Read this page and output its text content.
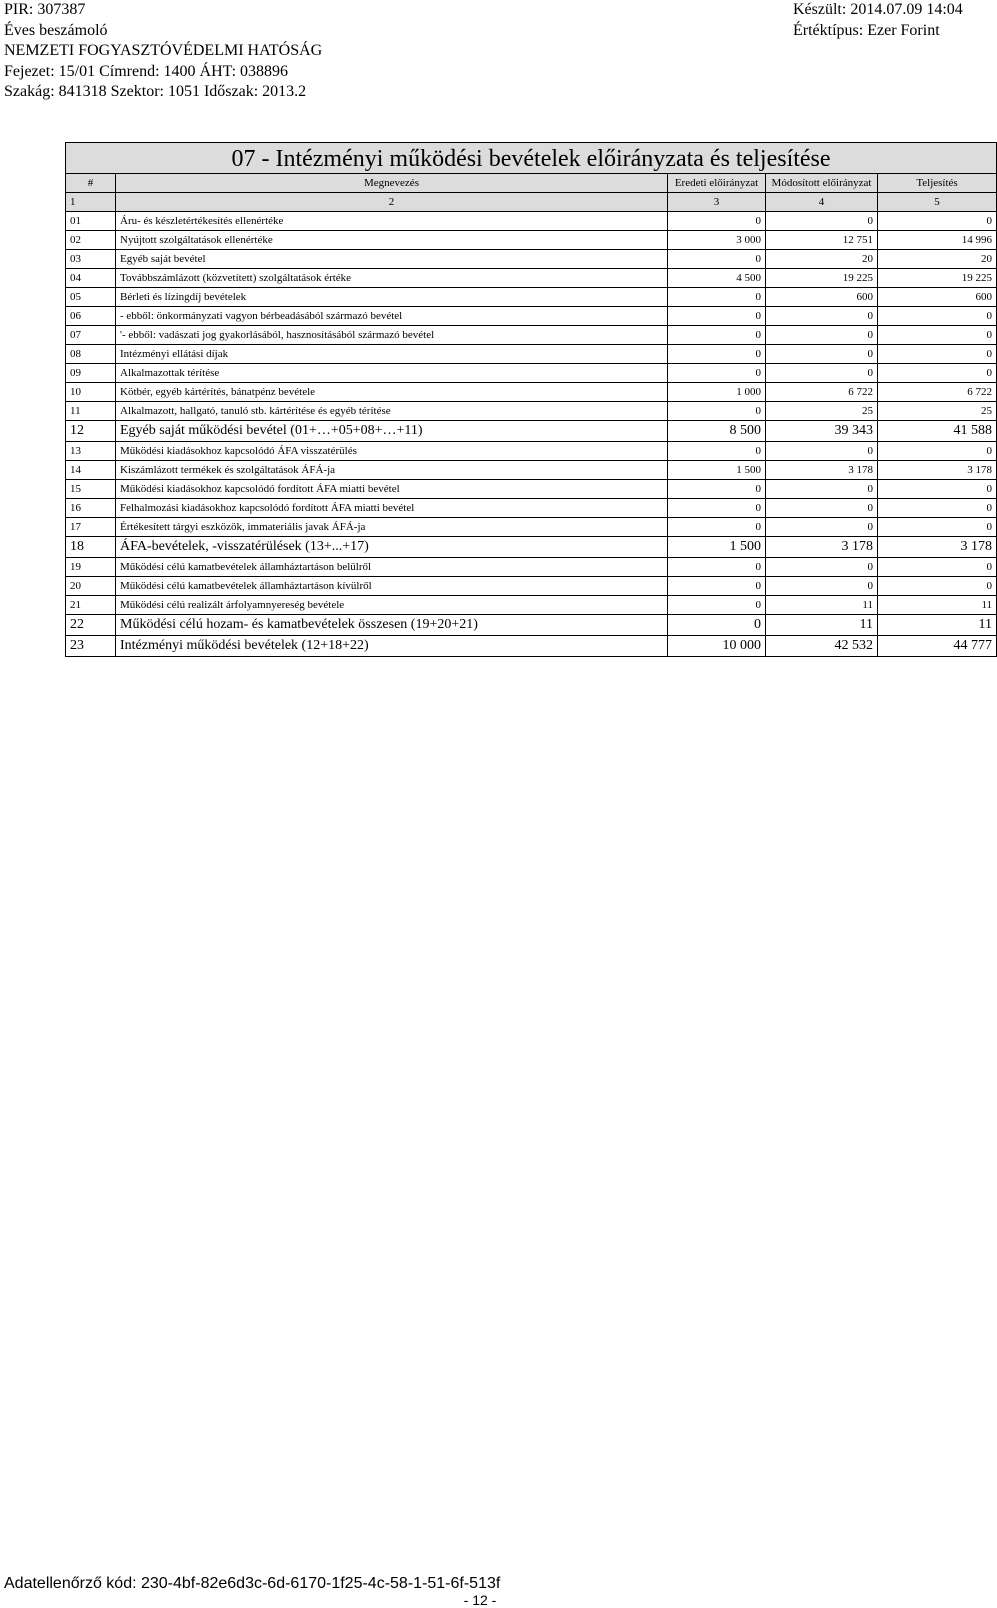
PIR: 307387
Éves beszámoló
NEMZETI FOGYASZTÓVÉDELMI HATÓSÁG
Fejezet: 15/01 Címrend: 1400 ÁHT: 038896
Szakág: 841318 Szektor: 1051 Időszak: 2013.2
Készült: 2014.07.09 14:04
Értéktípus: Ezer Forint
07 - Intézményi működési bevételek előirányzata és teljesítése				
#	Megnevezés	Eredeti előirányzat	Módosított előirányzat	Teljesítés
1	2	3	4	5
01	Áru- és készletértékesítés ellenértéke	0	0	0
02	Nyújtott szolgáltatások ellenértéke	3 000	12 751	14 996
03	Egyéb saját bevétel	0	20	20
04	Továbbszámlázott (közvetített) szolgáltatások értéke	4 500	19 225	19 225
05	Bérleti és lízingdíj bevételek	0	600	600
06	- ebből: önkormányzati vagyon bérbeadásából származó bevétel	0	0	0
07	'- ebből: vadászati jog gyakorlásából, hasznosításából származó bevétel	0	0	0
08	Intézményi ellátási díjak	0	0	0
09	Alkalmazottak térítése	0	0	0
10	Kötbér, egyéb kártérítés, bánatpénz bevétele	1 000	6 722	6 722
11	Alkalmazott, hallgató, tanuló stb. kártérítése és egyéb térítése	0	25	25
12	Egyéb saját működési bevétel (01+…+05+08+…+11)	8 500	39 343	41 588
13	Működési kiadásokhoz kapcsolódó ÁFA visszatérülés	0	0	0
14	Kiszámlázott termékek és szolgáltatások ÁFÁ-ja	1 500	3 178	3 178
15	Működési kiadásokhoz kapcsolódó fordított ÁFA miatti bevétel	0	0	0
16	Felhalmozási kiadásokhoz kapcsolódó fordított ÁFA miatti bevétel	0	0	0
17	Értékesített tárgyi eszközök, immateriális javak ÁFÁ-ja	0	0	0
18	ÁFA-bevételek, -visszatérülések (13+...+17)	1 500	3 178	3 178
19	Működési célú kamatbevételek államháztartáson belülről	0	0	0
20	Működési célú kamatbevételek államháztartáson kívülről	0	0	0
21	Működési célú realizált árfolyamnyereség bevétele	0	11	11
22	Működési célú hozam- és kamatbevételek összesen (19+20+21)	0	11	11
23	Intézményi működési bevételek (12+18+22)	10 000	42 532	44 777
Adatellenőrző kód: 230-4bf-82e6d3c-6d-6170-1f25-4c-58-1-51-6f-513f
- 12 -
